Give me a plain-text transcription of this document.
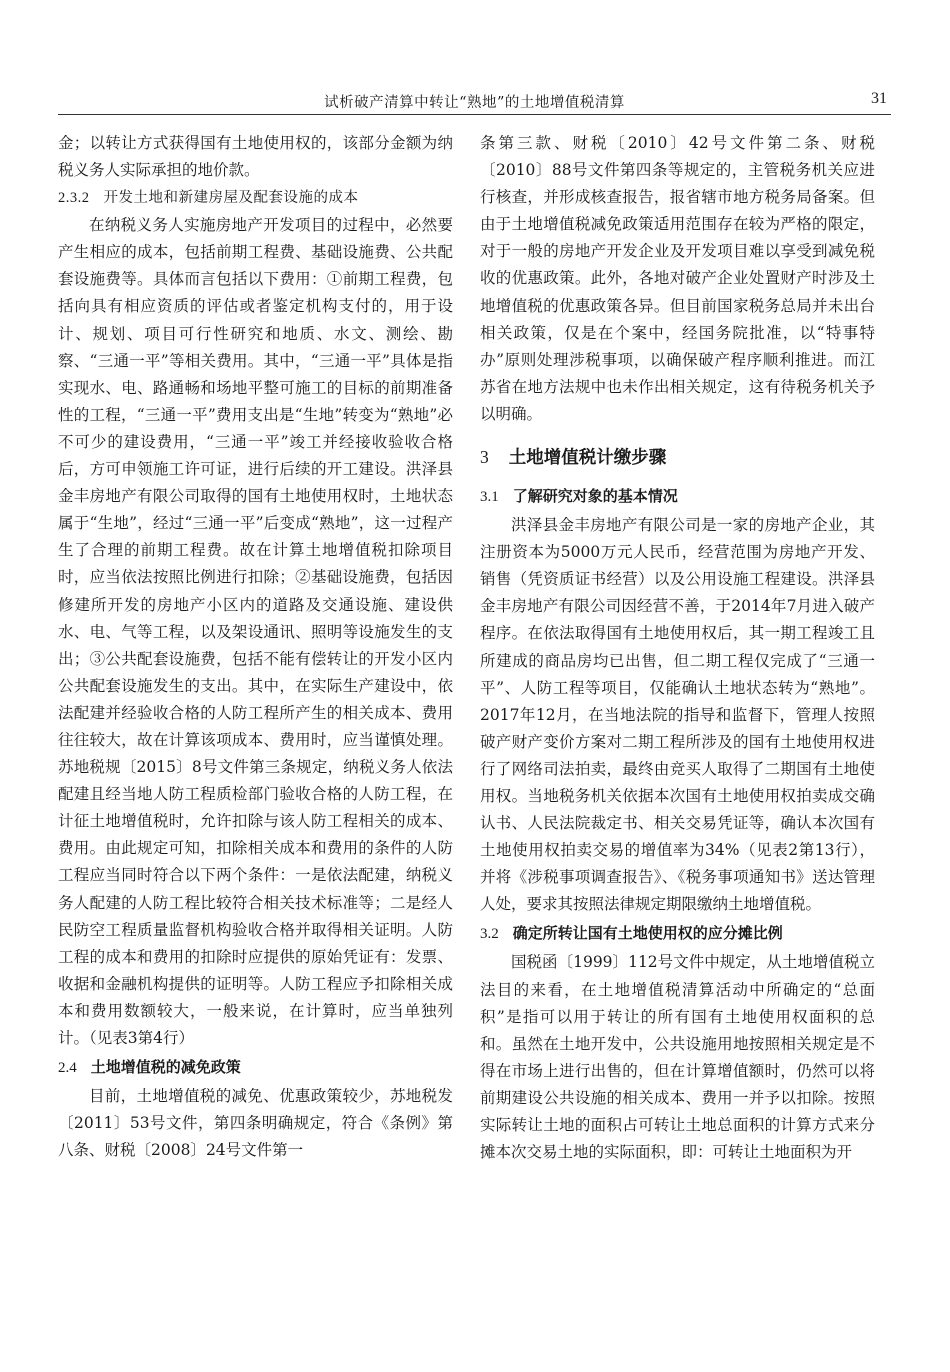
试析破产清算中转让“熟地”的土地增值税清算	31

金；以转让方式获得国有土地使用权的，该部分金额为纳税义务人实际承担的地价款。

2.3.2 开发土地和新建房屋及配套设施的成本

在纳税义务人实施房地产开发项目的过程中，必然要产生相应的成本，包括前期工程费、基础设施费、公共配套设施费等。具体而言包括以下费用：①前期工程费，包括向具有相应资质的评估或者鉴定机构支付的，用于设计、规划、项目可行性研究和地质、水文、测绘、勘察、“三通一平”等相关费用。其中，“三通一平”具体是指实现水、电、路通畅和场地平整可施工的目标的前期准备性的工程，“三通一平”费用支出是“生地”转变为“熟地”必不可少的建设费用，“三通一平”竣工并经接收验收合格后，方可申领施工许可证，进行后续的开工建设。洪泽县金丰房地产有限公司取得的国有土地使用权时，土地状态属于“生地”，经过“三通一平”后变成“熟地”，这一过程产生了合理的前期工程费。故在计算土地增值税扣除项目时，应当依法按照比例进行扣除；②基础设施费，包括因修建所开发的房地产小区内的道路及交通设施、建设供水、电、气等工程，以及架设通讯、照明等设施发生的支出；③公共配套设施费，包括不能有偿转让的开发小区内公共配套设施发生的支出。其中，在实际生产建设中，依法配建并经验收合格的人防工程所产生的相关成本、费用往往较大，故在计算该项成本、费用时，应当谨慎处理。苏地税规〔2015〕8号文件第三条规定，纳税义务人依法配建且经当地人防工程质检部门验收合格的人防工程，在计征土地增值税时，允许扣除与该人防工程相关的成本、费用。由此规定可知，扣除相关成本和费用的条件的人防工程应当同时符合以下两个条件：一是依法配建，纳税义务人配建的人防工程比较符合相关技术标准等；二是经人民防空工程质量监督机构验收合格并取得相关证明。人防工程的成本和费用的扣除时应提供的原始凭证有：发票、收据和金融机构提供的证明等。人防工程应予扣除相关成本和费用数额较大，一般来说，在计算时，应当单独列计。（见表3第4行）

2.4 土地增值税的减免政策

目前，土地增值税的减免、优惠政策较少，苏地税发〔2011〕53号文件，第四条明确规定，符合《条例》第八条、财税〔2008〕24号文件第一

条第三款、财税〔2010〕42号文件第二条、财税〔2010〕88号文件第四条等规定的，主管税务机关应进行核查，并形成核查报告，报省辖市地方税务局备案。但由于土地增值税减免政策适用范围存在较为严格的限定，对于一般的房地产开发企业及开发项目难以享受到减免税收的优惠政策。此外，各地对破产企业处置财产时涉及土地增值税的优惠政策各异。但目前国家税务总局并未出台相关政策，仅是在个案中，经国务院批准，以“特事特办”原则处理涉税事项，以确保破产程序顺利推进。而江苏省在地方法规中也未作出相关规定，这有待税务机关予以明确。

3 土地增值税计缴步骤
3.1 了解研究对象的基本情况

洪泽县金丰房地产有限公司是一家的房地产企业，其注册资本为5000万元人民币，经营范围为房地产开发、销售（凭资质证书经营）以及公用设施工程建设。洪泽县金丰房地产有限公司因经营不善，于2014年7月进入破产程序。在依法取得国有土地使用权后，其一期工程竣工且所建成的商品房均已出售，但二期工程仅完成了“三通一平”、人防工程等项目，仅能确认土地状态转为“熟地”。2017年12月，在当地法院的指导和监督下，管理人按照破产财产变价方案对二期工程所涉及的国有土地使用权进行了网络司法拍卖，最终由竞买人取得了二期国有土地使用权。当地税务机关依据本次国有土地使用权拍卖成交确认书、人民法院裁定书、相关交易凭证等，确认本次国有土地使用权拍卖交易的增值率为34%（见表2第13行），并将《涉税事项调查报告》、《税务事项通知书》送达管理人处，要求其按照法律规定期限缴纳土地增值税。

3.2 确定所转让国有土地使用权的应分摊比例

国税函〔1999〕112号文件中规定，从土地增值税立法目的来看，在土地增值税清算活动中所确定的“总面积”是指可以用于转让的所有国有土地使用权面积的总和。虽然在土地开发中，公共设施用地按照相关规定是不得在市场上进行出售的，但在计算增值额时，仍然可以将前期建设公共设施的相关成本、费用一并予以扣除。按照实际转让土地的面积占可转让土地总面积的计算方式来分摊本次交易土地的实际面积，即：可转让土地面积为开
